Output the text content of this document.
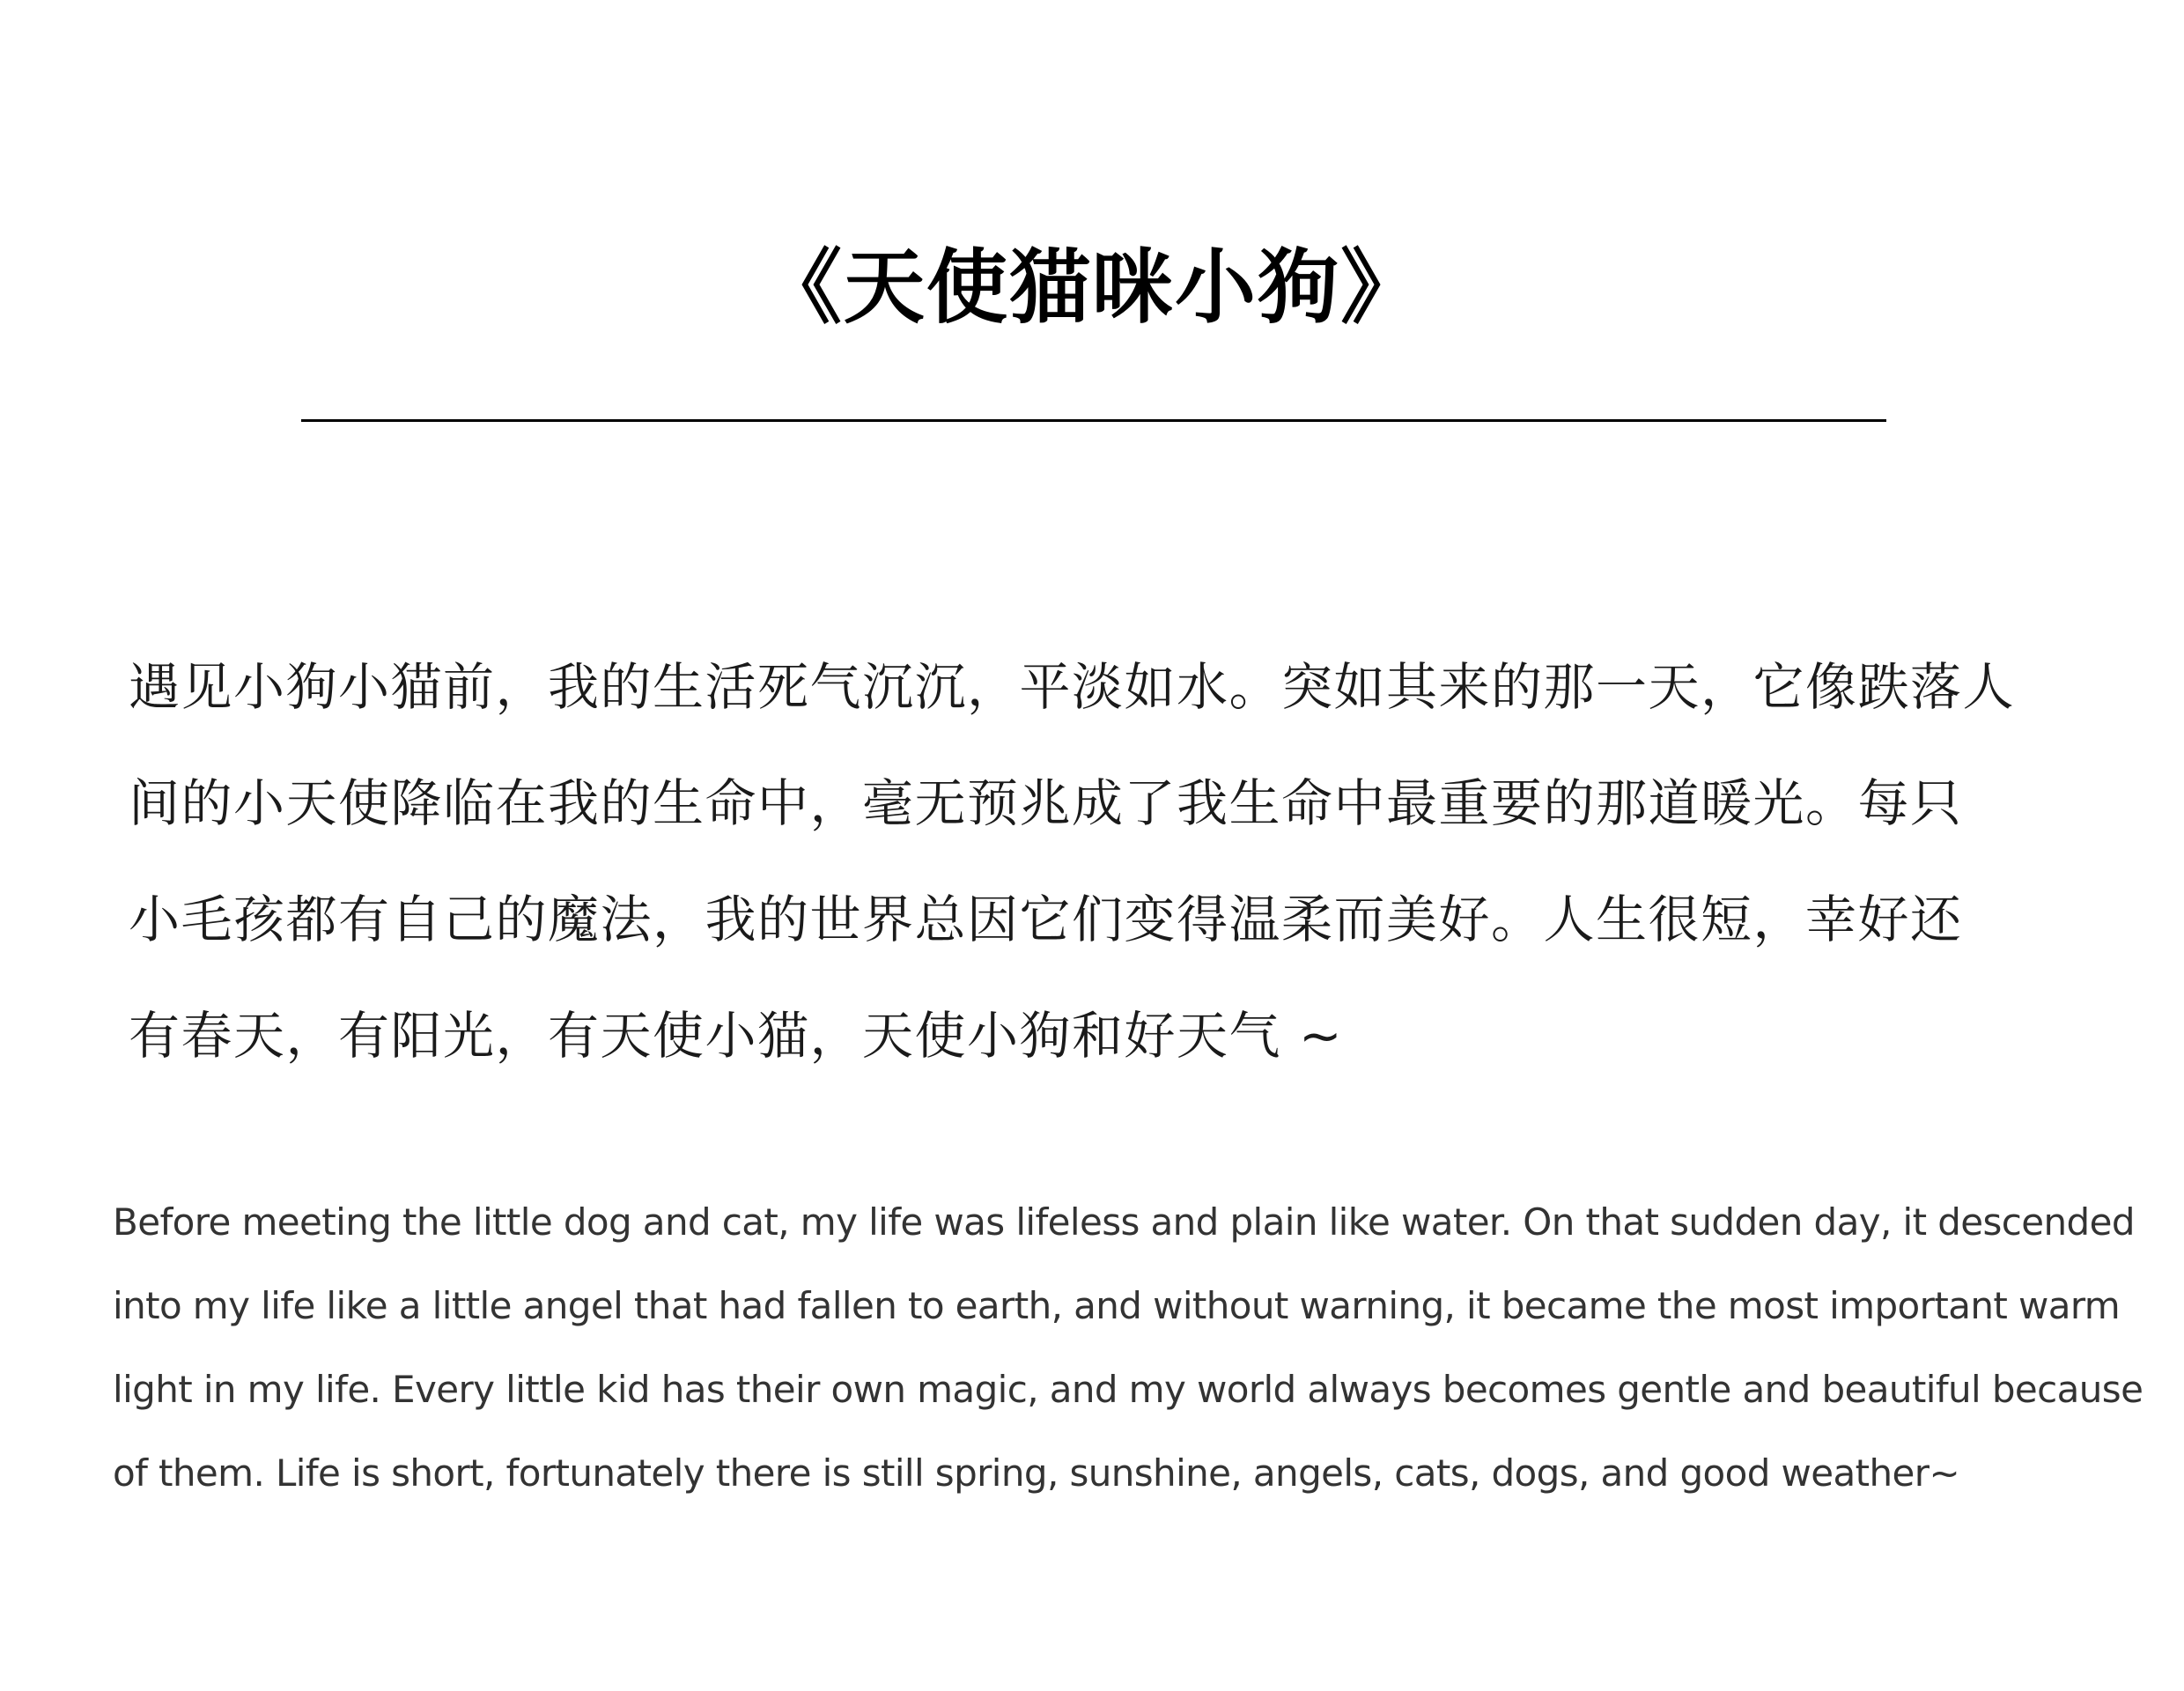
《天使猫咪小狗》
遇见小狗小猫前，我的生活死气沉沉，平淡如水。突如其来的那一天，它像跌落人
间的小天使降临在我的生命中，毫无预兆成了我生命中最重要的那道暖光。每只
小毛孩都有自己的魔法，我的世界总因它们变得温柔而美好。人生很短，幸好还
有春天，有阳光，有天使小猫，天使小狗和好天气 ~
Before meeting the little dog and cat, my life was lifeless and plain like water. On that sudden day, it descended
into my life like a little angel that had fallen to earth, and without warning, it became the most important warm
light in my life. Every little kid has their own magic, and my world always becomes gentle and beautiful because
of them. Life is short, fortunately there is still spring, sunshine, angels, cats, dogs, and good weather~
